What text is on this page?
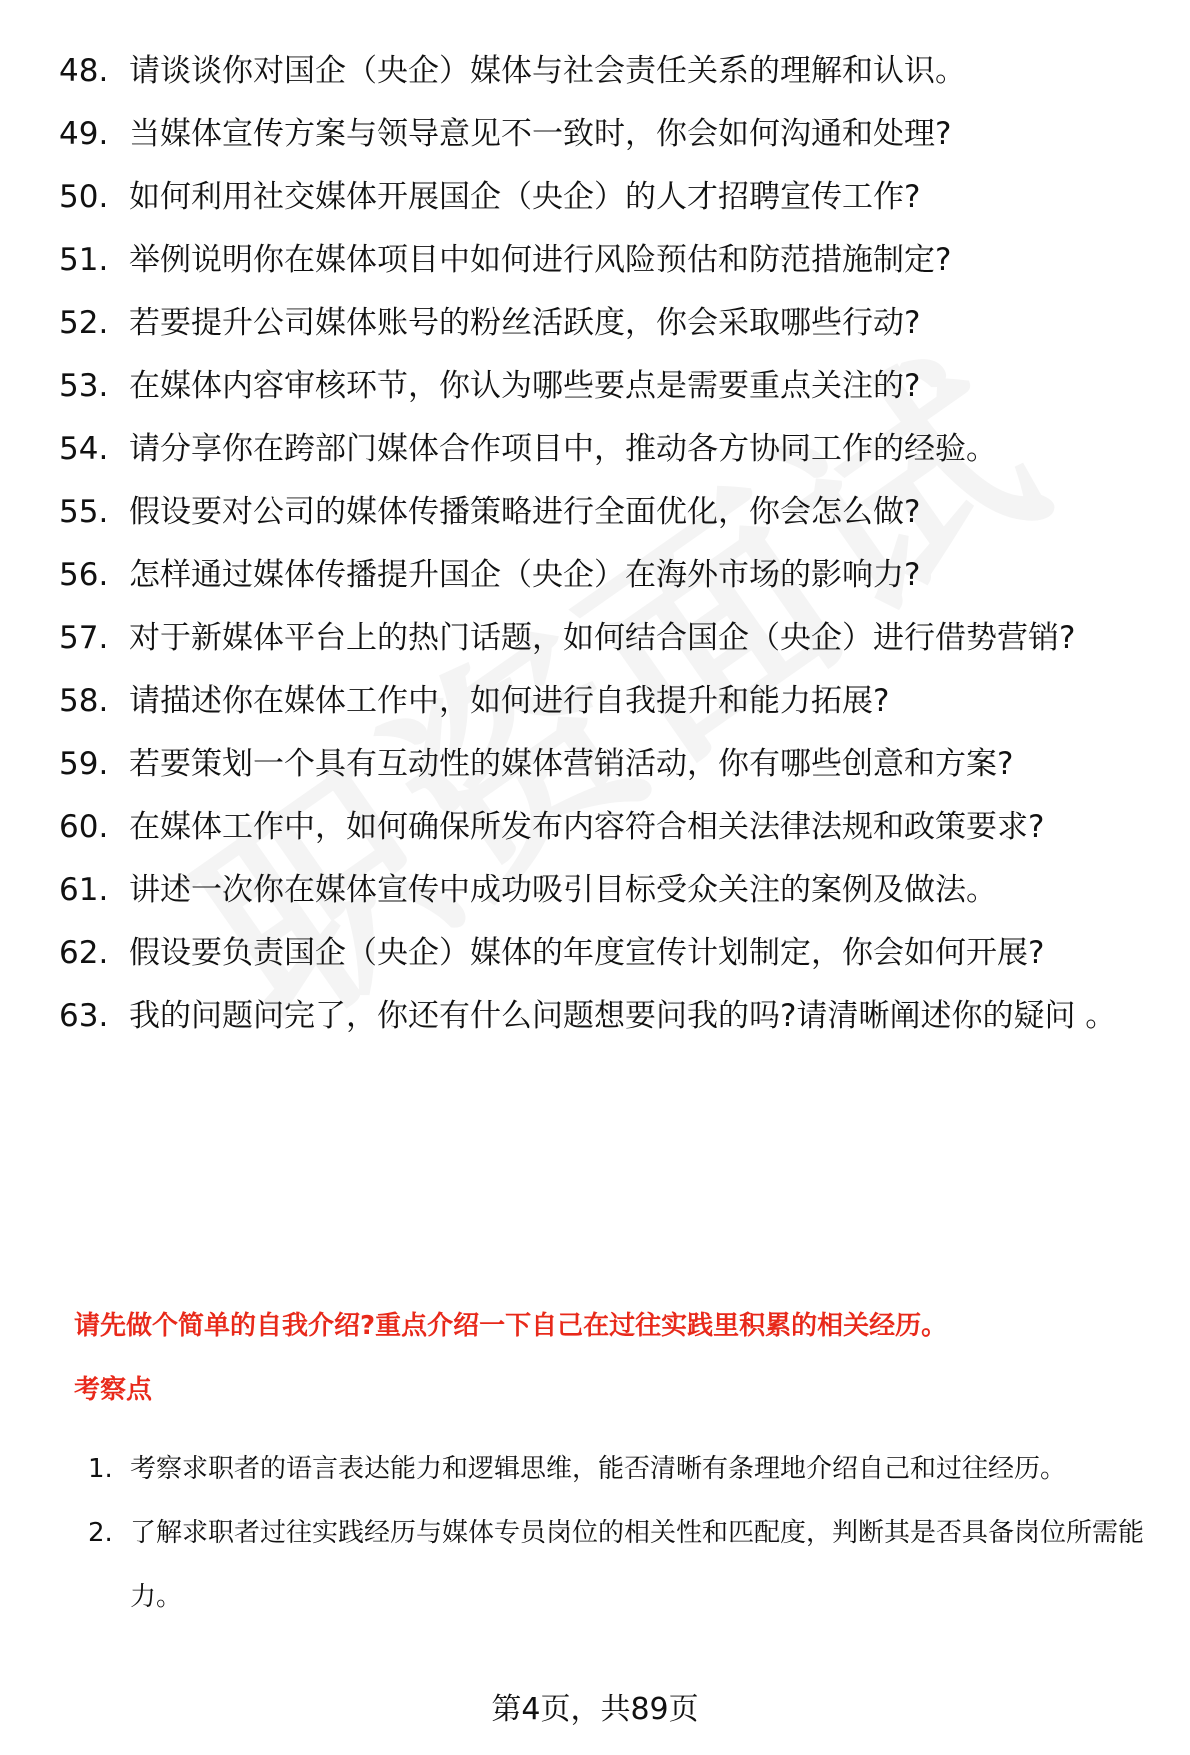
48. 请谈谈你对国企（央企）媒体与社会责任关系的理解和认识。
49. 当媒体宣传方案与领导意见不一致时，你会如何沟通和处理?
50. 如何利用社交媒体开展国企（央企）的人才招聘宣传工作?
51. 举例说明你在媒体项目中如何进行风险预估和防范措施制定?
52. 若要提升公司媒体账号的粉丝活跃度，你会采取哪些行动?
53. 在媒体内容审核环节，你认为哪些要点是需要重点关注的?
54. 请分享你在跨部门媒体合作项目中，推动各方协同工作的经验。
55. 假设要对公司的媒体传播策略进行全面优化，你会怎么做?
56. 怎样通过媒体传播提升国企（央企）在海外市场的影响力?
57. 对于新媒体平台上的热门话题，如何结合国企（央企）进行借势营销?
58. 请描述你在媒体工作中，如何进行自我提升和能力拓展?
59. 若要策划一个具有互动性的媒体营销活动，你有哪些创意和方案?
60. 在媒体工作中，如何确保所发布内容符合相关法律法规和政策要求?
61. 讲述一次你在媒体宣传中成功吸引目标受众关注的案例及做法。
62. 假设要负责国企（央企）媒体的年度宣传计划制定，你会如何开展?
63. 我的问题问完了，你还有什么问题想要问我的吗?请清晰阐述你的疑问 。
请先做个简单的自我介绍?重点介绍一下自己在过往实践里积累的相关经历。
考察点
1. 考察求职者的语言表达能力和逻辑思维，能否清晰有条理地介绍自己和过往经历。
2. 了解求职者过往实践经历与媒体专员岗位的相关性和匹配度，判断其是否具备岗位所需能力。
第4页，共89页
